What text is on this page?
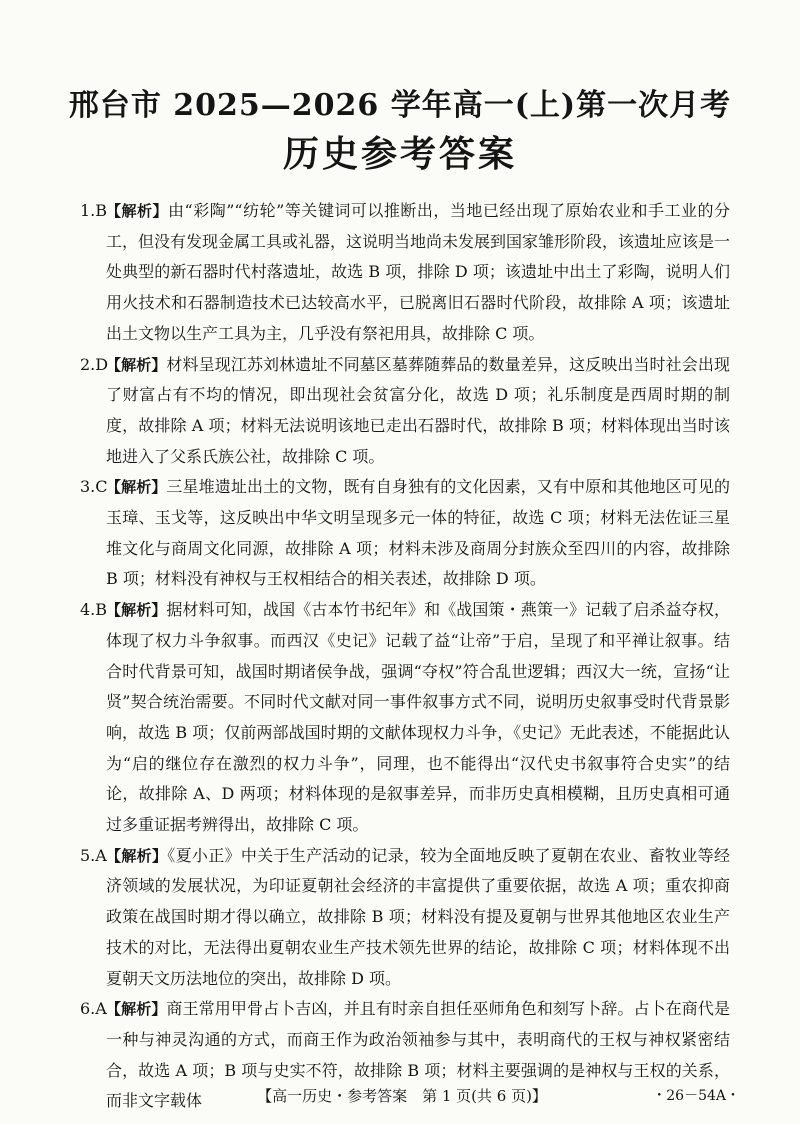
邢台市 2025—2026 学年高一(上)第一次月考
历史参考答案
1.B
【解析】由“彩陶”“纺轮”等关键词可以推断出，当地已经出现了原始农业和手工业的分工，但没有发现金属工具或礼器，这说明当地尚未发展到国家雏形阶段，该遗址应该是一处典型的新石器时代村落遗址，故选 B 项，排除 D 项；该遗址中出土了彩陶，说明人们用火技术和石器制造技术已达较高水平，已脱离旧石器时代阶段，故排除 A 项；该遗址出土文物以生产工具为主，几乎没有祭祀用具，故排除 C 项。
2.D
【解析】材料呈现江苏刘林遗址不同墓区墓葬随葬品的数量差异，这反映出当时社会出现了财富占有不均的情况，即出现社会贫富分化，故选 D 项；礼乐制度是西周时期的制度，故排除 A 项；材料无法说明该地已走出石器时代，故排除 B 项；材料体现出当时该地进入了父系氏族公社，故排除 C 项。
3.C
【解析】三星堆遗址出土的文物，既有自身独有的文化因素，又有中原和其他地区可见的玉璋、玉戈等，这反映出中华文明呈现多元一体的特征，故选 C 项；材料无法佐证三星堆文化与商周文化同源，故排除 A 项；材料未涉及商周分封族众至四川的内容，故排除 B 项；材料没有神权与王权相结合的相关表述，故排除 D 项。
4.B
【解析】据材料可知，战国《古本竹书纪年》和《战国策・燕策一》记载了启杀益夺权，体现了权力斗争叙事。而西汉《史记》记载了益“让帝”于启，呈现了和平禅让叙事。结合时代背景可知，战国时期诸侯争战，强调“夺权”符合乱世逻辑；西汉大一统，宣扬“让贤”契合统治需要。不同时代文献对同一事件叙事方式不同，说明历史叙事受时代背景影响，故选 B 项；仅前两部战国时期的文献体现权力斗争，《史记》无此表述，不能据此认为“启的继位存在激烈的权力斗争”，同理，也不能得出“汉代史书叙事符合史实”的结论，故排除 A、D 两项；材料体现的是叙事差异，而非历史真相模糊，且历史真相可通过多重证据考辨得出，故排除 C 项。
5.A 【解析】《夏小正》中关于生产活动的记录，较为全面地反映了夏朝在农业、畜牧业等经济领域的发展状况，为印证夏朝社会经济的丰富提供了重要依据，故选 A 项；重农抑商政策在战国时期才得以确立，故排除 B 项；材料没有提及夏朝与世界其他地区农业生产技术的对比，无法得出夏朝农业生产技术领先世界的结论，故排除 C 项；材料体现不出夏朝天文历法地位的突出，故排除 D 项。
6.A 【解析】商王常用甲骨占卜吉凶，并且有时亲自担任巫师角色和刻写卜辞。占卜在商代是一种与神灵沟通的方式，而商王作为政治领袖参与其中，表明商代的王权与神权紧密结合，故选 A 项；B 项与史实不符，故排除 B 项；材料主要强调的是神权与王权的关系，而非文字载体	【高一历史・参考答案　第 1 页(共 6 页)】	・26－54A・
